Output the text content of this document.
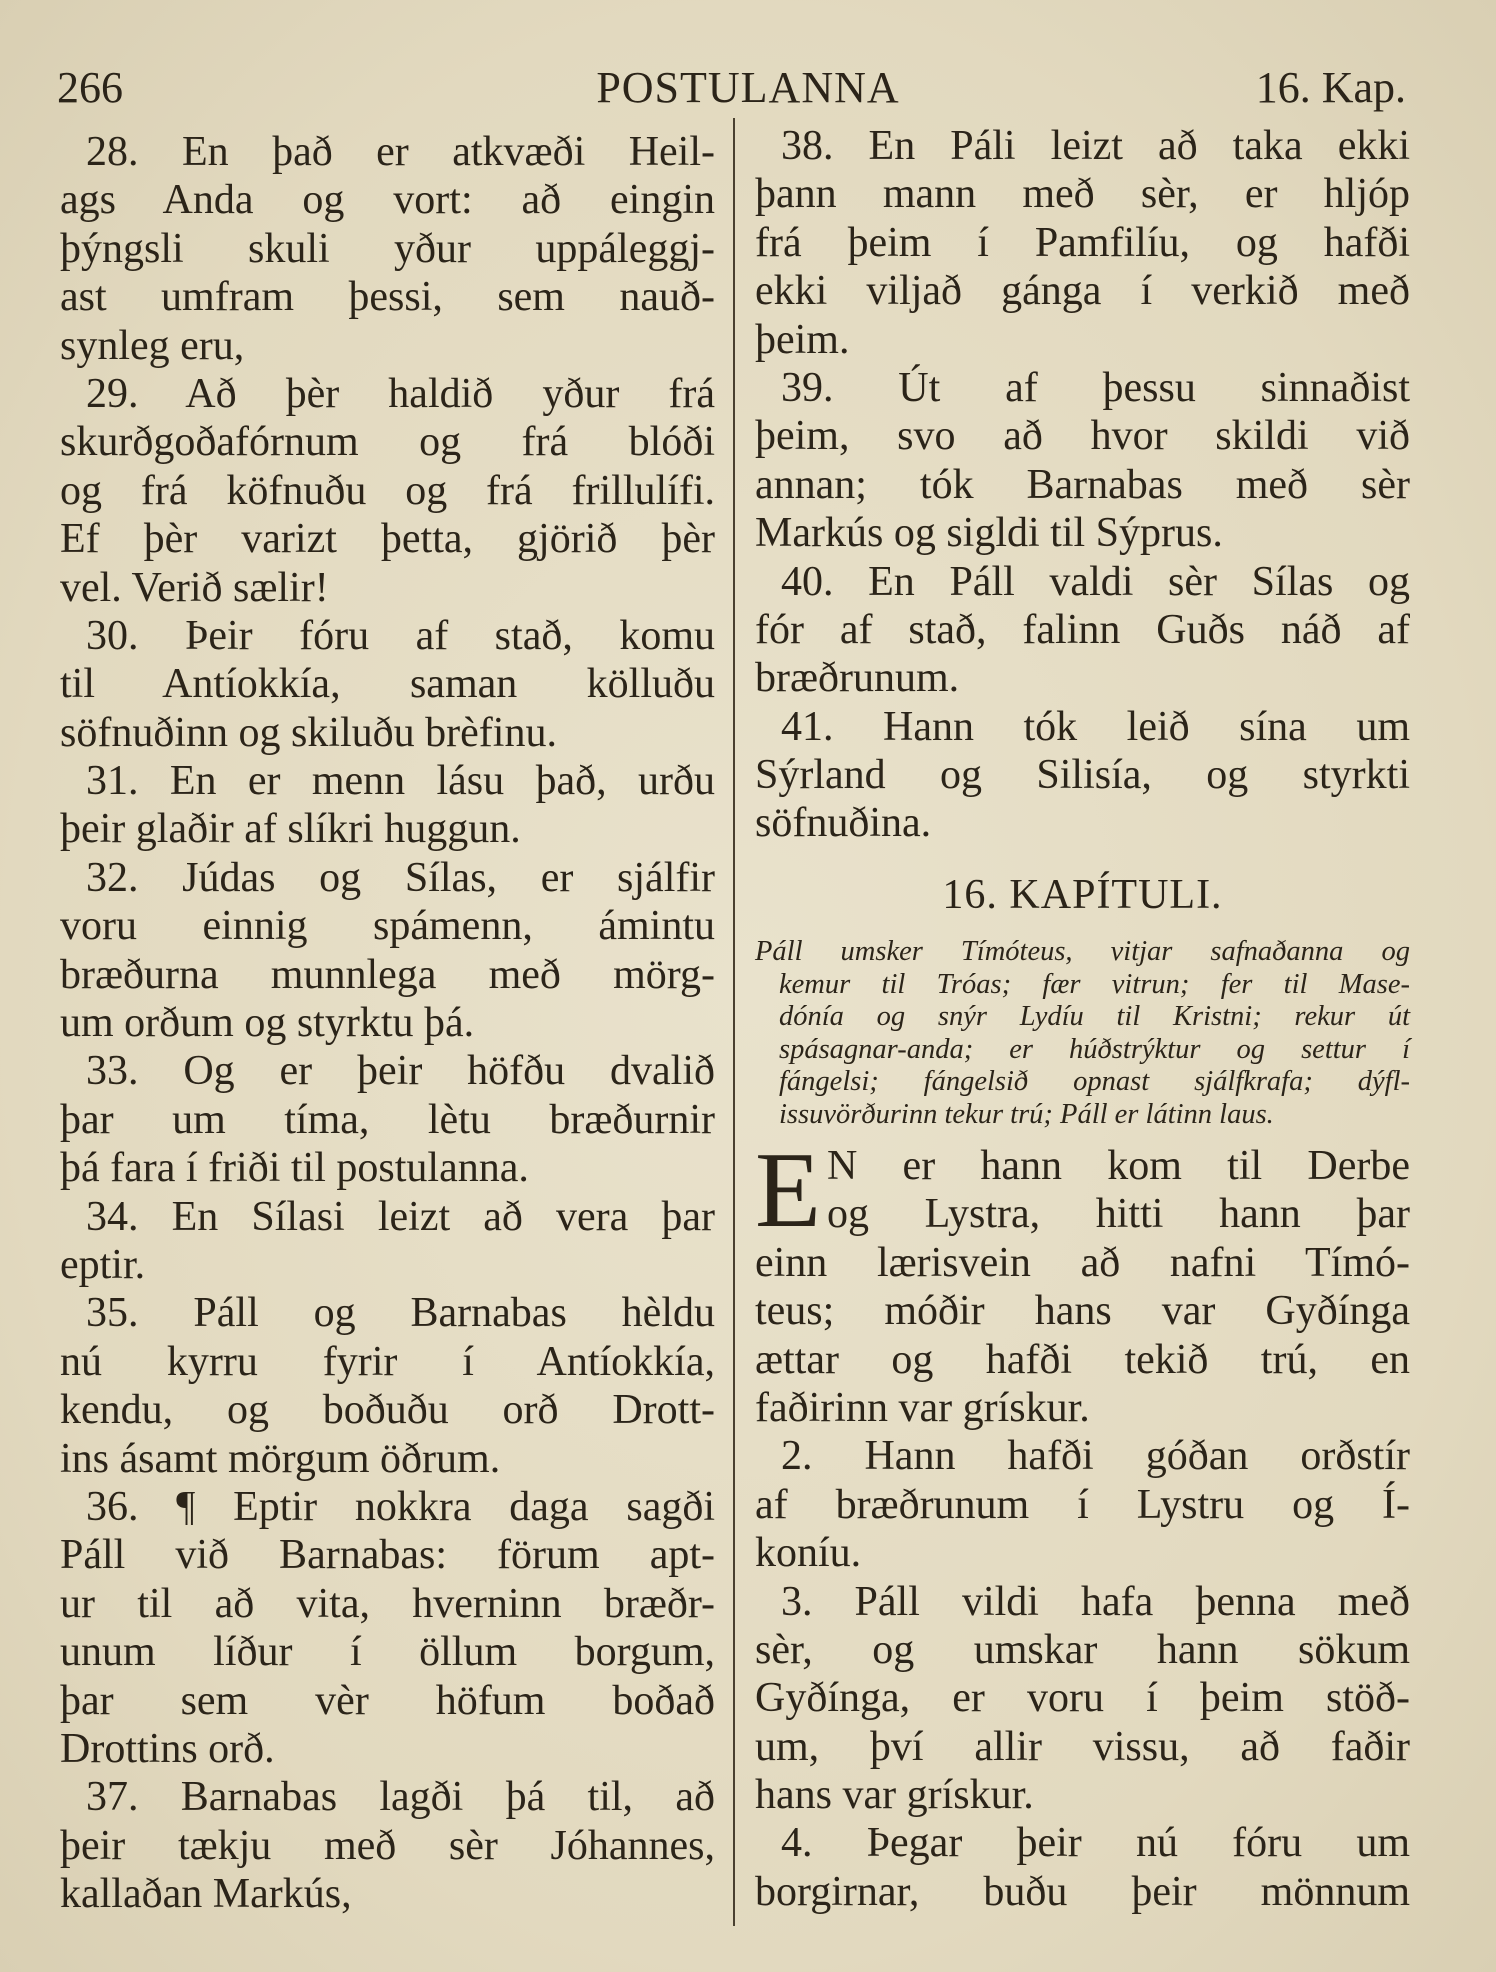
266	POSTULANNA	16. Kap.
28. En það er atkvæði Heil-
ags Anda og vort: að eingin
þýngsli skuli yður uppáleggj-
ast umfram þessi, sem nauð-
synleg eru,
29. Að þèr haldið yður frá
skurðgoðafórnum og frá blóði
og frá köfnuðu og frá frillulífi.
Ef þèr varizt þetta, gjörið þèr
vel. Verið sælir!
30. Þeir fóru af stað, komu
til Antíokkía, saman kölluðu
söfnuðinn og skiluðu brèfinu.
31. En er menn lásu það, urðu
þeir glaðir af slíkri huggun.
32. Júdas og Sílas, er sjálfir
voru einnig spámenn, ámintu
bræðurna munnlega með mörg-
um orðum og styrktu þá.
33. Og er þeir höfðu dvalið
þar um tíma, lètu bræðurnir
þá fara í friði til postulanna.
34. En Sílasi leizt að vera þar
eptir.
35. Páll og Barnabas hèldu
nú kyrru fyrir í Antíokkía,
kendu, og boðuðu orð Drott-
ins ásamt mörgum öðrum.
36. ¶ Eptir nokkra daga sagði
Páll við Barnabas: förum apt-
ur til að vita, hverninn bræðr-
unum líður í öllum borgum,
þar sem vèr höfum boðað
Drottins orð.
37. Barnabas lagði þá til, að
þeir tækju með sèr Jóhannes,
kallaðan Markús,
38. En Páli leizt að taka ekki
þann mann með sèr, er hljóp
frá þeim í Pamfilíu, og hafði
ekki viljað gánga í verkið með
þeim.
39. Út af þessu sinnaðist
þeim, svo að hvor skildi við
annan; tók Barnabas með sèr
Markús og sigldi til Sýprus.
40. En Páll valdi sèr Sílas og
fór af stað, falinn Guðs náð af
bræðrunum.
41. Hann tók leið sína um
Sýrland og Silisía, og styrkti
söfnuðina.
16. KAPÍTULI.
Páll umsker Tímóteus, vitjar safnaðanna og
kemur til Tróas; fær vitrun; fer til Mase-
dónía og snýr Lydíu til Kristni; rekur út
spásagnar-anda; er húðstrýktur og settur í
fángelsi; fángelsið opnast sjálfkrafa; dýfl-
issuvörðurinn tekur trú; Páll er látinn laus.
E N er hann kom til Derbe
og Lystra, hitti hann þar
einn lærisvein að nafni Tímó-
teus; móðir hans var Gyðínga
ættar og hafði tekið trú, en
faðirinn var grískur.
2. Hann hafði góðan orðstír
af bræðrunum í Lystru og Í-
koníu.
3. Páll vildi hafa þenna með
sèr, og umskar hann sökum
Gyðínga, er voru í þeim stöð-
um, því allir vissu, að faðir
hans var grískur.
4. Þegar þeir nú fóru um
borgirnar, buðu þeir mönnum
